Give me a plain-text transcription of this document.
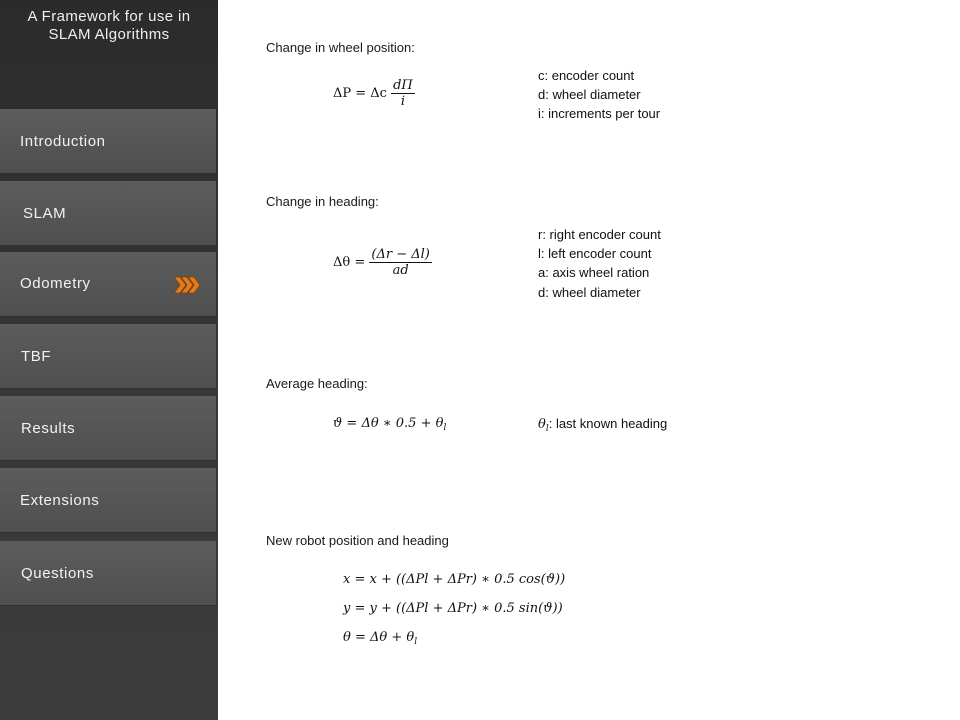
A Framework for use in
SLAM Algorithms
Introduction
SLAM
Odometry
TBF
Results
Extensions
Questions
Change in wheel position:
ΔP = Δc $\frac{d\Pi}{i}$
c: encoder count
d: wheel diameter
i: increments per tour
Change in heading:
$\Delta\theta = \frac{(\Delta r - \Delta l)}{ad}$
r: right encoder count
l: left encoder count
a: axis wheel ration
d: wheel diameter
Average heading:
ϑ = Δθ ∗ $0.5 + \theta_l$	$\theta_l$: last known heading
New robot position and heading
x = x + ((ΔPl + ΔPr) ∗ 0.5 cos(ϑ))
y = y + ((ΔPl + ΔPr) ∗ 0.5 sin(ϑ))
$\theta = \Delta\theta + \theta_l$
